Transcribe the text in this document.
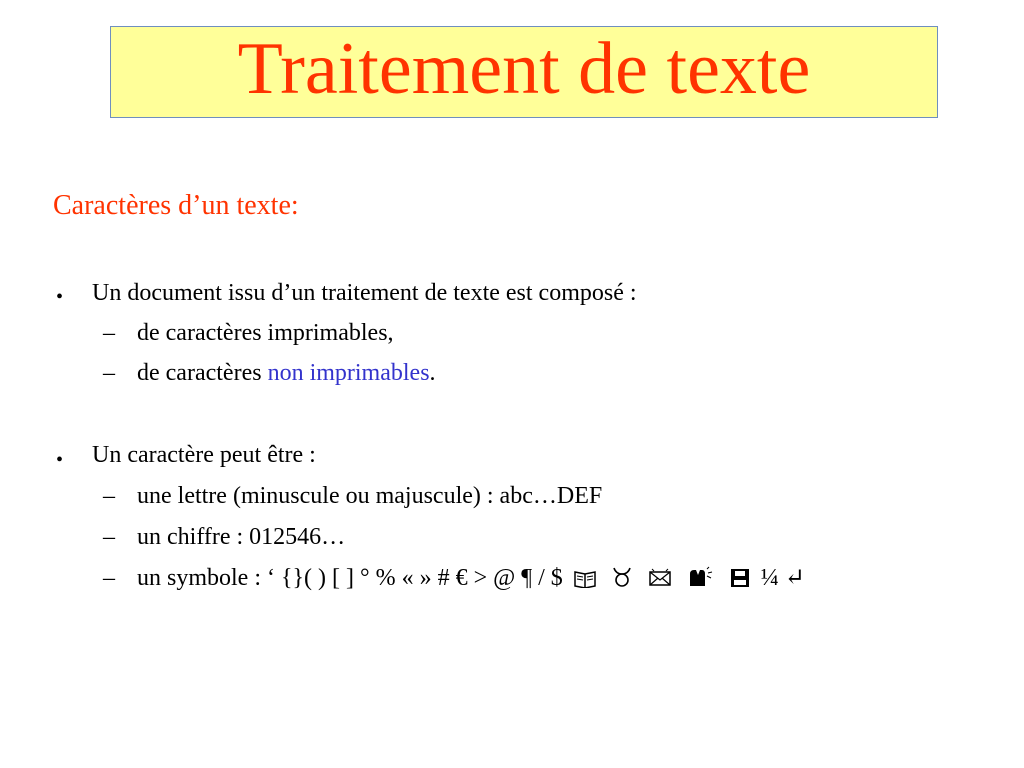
Traitement de texte
Caractères d’un texte:
• Un document issu d’un traitement de texte est composé :
– de caractères imprimables,
– de caractères non imprimables.
• Un caractère peut être :
– une lettre (minuscule ou majuscule) : abc…DEF
– un chiffre : 012546…
– un symbole : ‘ {}( ) [ ] ° % « » # € > @ ¶ / $	¼ ↵
